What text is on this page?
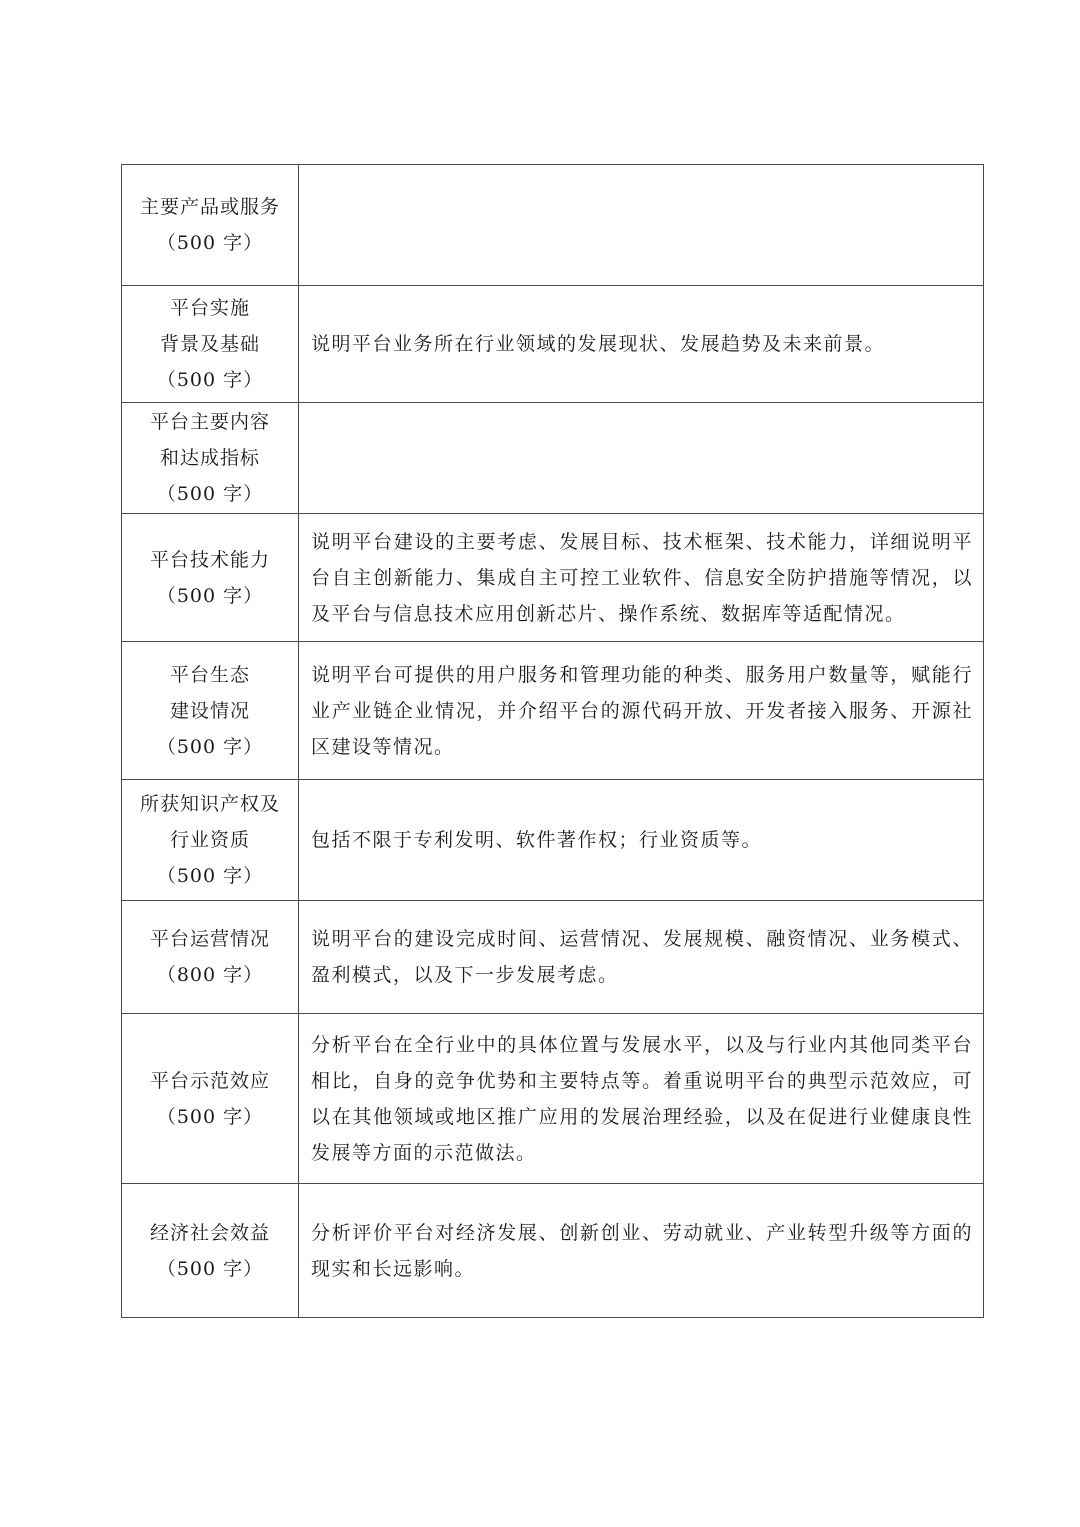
主要产品或服务
（500 字）	

平台实施
背景及基础
（500 字）	说明平台业务所在行业领域的发展现状、发展趋势及未来前景。

平台主要内容
和达成指标
（500 字）	

平台技术能力
（500 字）	说明平台建设的主要考虑、发展目标、技术框架、技术能力，详细说明平台自主创新能力、集成自主可控工业软件、信息安全防护措施等情况，以及平台与信息技术应用创新芯片、操作系统、数据库等适配情况。

平台生态
建设情况
（500 字）	说明平台可提供的用户服务和管理功能的种类、服务用户数量等，赋能行业产业链企业情况，并介绍平台的源代码开放、开发者接入服务、开源社区建设等情况。

所获知识产权及
行业资质
（500 字）	包括不限于专利发明、软件著作权；行业资质等。

平台运营情况
（800 字）	说明平台的建设完成时间、运营情况、发展规模、融资情况、业务模式、盈利模式，以及下一步发展考虑。

平台示范效应
（500 字）	分析平台在全行业中的具体位置与发展水平，以及与行业内其他同类平台相比，自身的竞争优势和主要特点等。着重说明平台的典型示范效应，可以在其他领域或地区推广应用的发展治理经验，以及在促进行业健康良性发展等方面的示范做法。

经济社会效益
（500 字）	分析评价平台对经济发展、创新创业、劳动就业、产业转型升级等方面的现实和长远影响。
